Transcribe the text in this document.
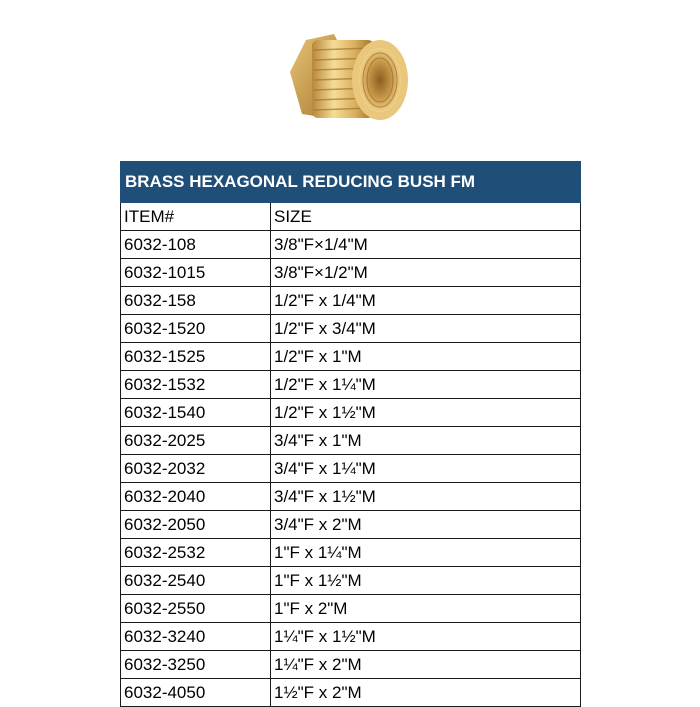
BRASS HEXAGONAL REDUCING BUSH FM	
ITEM#	SIZE
6032-108	3/8"F×1/4"M
6032-1015	3/8"F×1/2"M
6032-158	1/2"F x 1/4"M
6032-1520	1/2"F x 3/4"M
6032-1525	1/2"F x 1"M
6032-1532	1/2"F x 1¼"M
6032-1540	1/2"F x 1½"M
6032-2025	3/4"F x 1"M
6032-2032	3/4"F x 1¼"M
6032-2040	3/4"F x 1½"M
6032-2050	3/4"F x 2"M
6032-2532	1"F x 1¼"M
6032-2540	1"F x 1½"M
6032-2550	1"F x 2"M
6032-3240	1¼"F x 1½"M
6032-3250	1¼"F x 2"M
6032-4050	1½"F x 2"M
